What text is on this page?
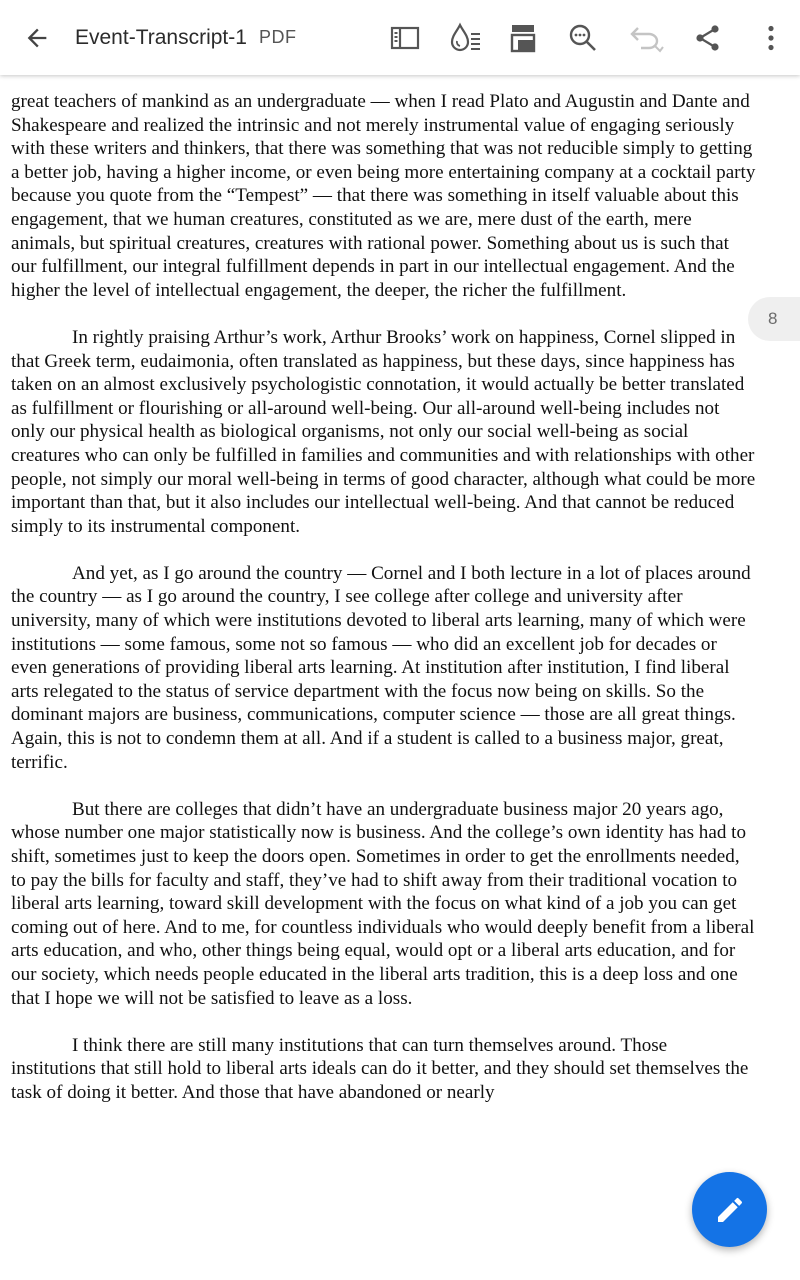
Event-Transcript-1 PDF

great teachers of mankind as an undergraduate — when I read Plato and Augustin and Dante and Shakespeare and realized the intrinsic and not merely instrumental value of engaging seriously with these writers and thinkers, that there was something that was not reducible simply to getting a better job, having a higher income, or even being more entertaining company at a cocktail party because you quote from the “Tempest” — that there was something in itself valuable about this engagement, that we human creatures, constituted as we are, mere dust of the earth, mere animals, but spiritual creatures, creatures with rational power. Something about us is such that our fulfillment, our integral fulfillment depends in part in our intellectual engagement. And the higher the level of intellectual engagement, the deeper, the richer the fulfillment.

In rightly praising Arthur’s work, Arthur Brooks’ work on happiness, Cornel slipped in that Greek term, eudaimonia, often translated as happiness, but these days, since happiness has taken on an almost exclusively psychologistic connotation, it would actually be better translated as fulfillment or flourishing or all-around well-being. Our all-around well-being includes not only our physical health as biological organisms, not only our social well-being as social creatures who can only be fulfilled in families and communities and with relationships with other people, not simply our moral well-being in terms of good character, although what could be more important than that, but it also includes our intellectual well-being. And that cannot be reduced simply to its instrumental component.

And yet, as I go around the country — Cornel and I both lecture in a lot of places around the country — as I go around the country, I see college after college and university after university, many of which were institutions devoted to liberal arts learning, many of which were institutions — some famous, some not so famous — who did an excellent job for decades or even generations of providing liberal arts learning. At institution after institution, I find liberal arts relegated to the status of service department with the focus now being on skills. So the dominant majors are business, communications, computer science — those are all great things. Again, this is not to condemn them at all. And if a student is called to a business major, great, terrific.

But there are colleges that didn’t have an undergraduate business major 20 years ago, whose number one major statistically now is business. And the college’s own identity has had to shift, sometimes just to keep the doors open. Sometimes in order to get the enrollments needed, to pay the bills for faculty and staff, they’ve had to shift away from their traditional vocation to liberal arts learning, toward skill development with the focus on what kind of a job you can get coming out of here. And to me, for countless individuals who would deeply benefit from a liberal arts education, and who, other things being equal, would opt or a liberal arts education, and for our society, which needs people educated in the liberal arts tradition, this is a deep loss and one that I hope we will not be satisfied to leave as a loss.

I think there are still many institutions that can turn themselves around. Those institutions that still hold to liberal arts ideals can do it better, and they should set themselves the task of doing it better. And those that have abandoned or nearly

8
